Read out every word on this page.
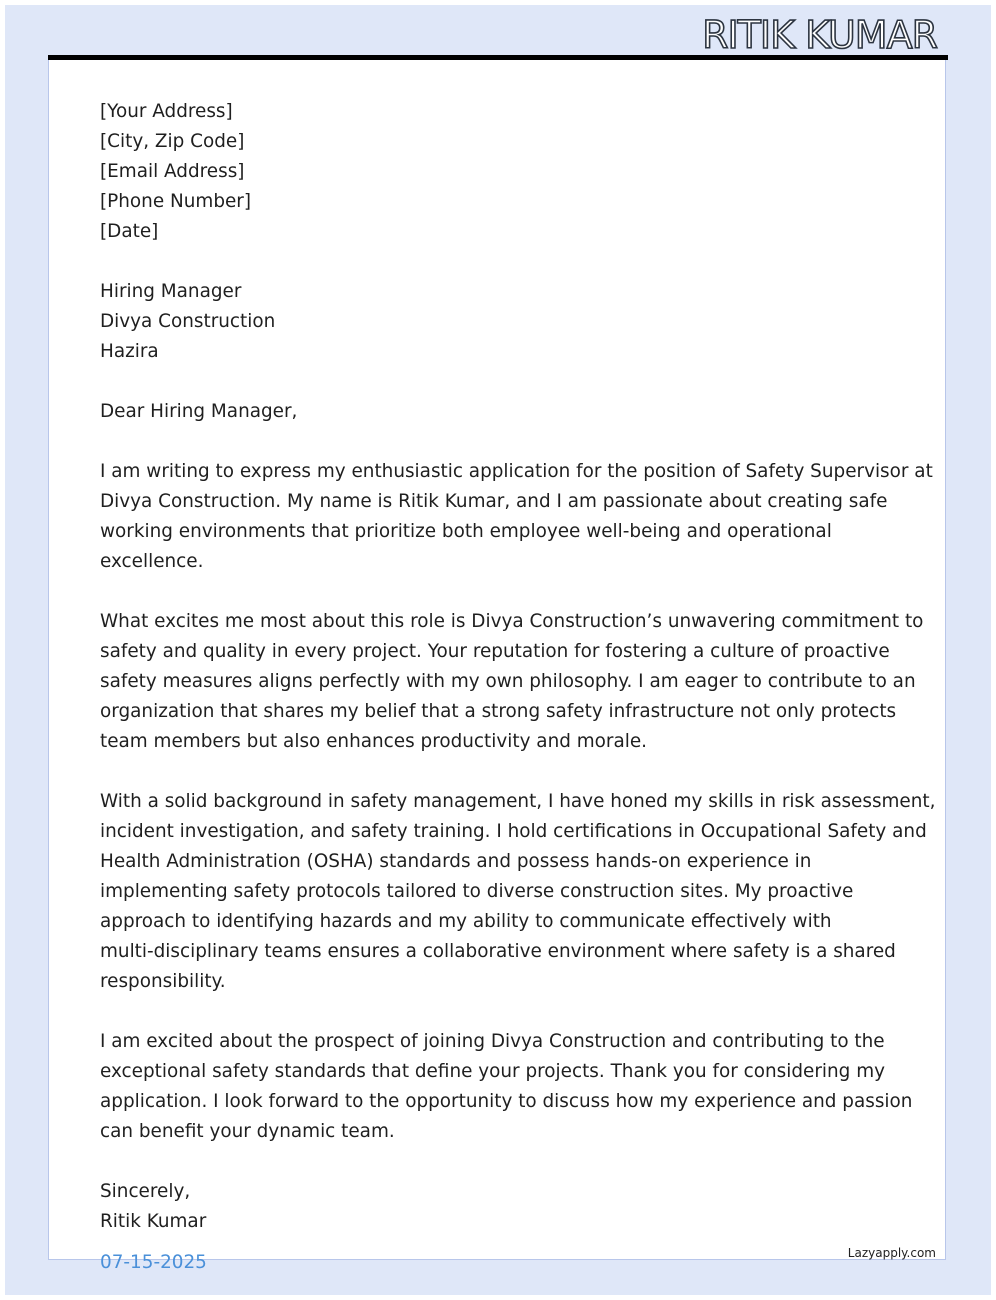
RITIK KUMAR
[Your Address]
[City, Zip Code]
[Email Address]
[Phone Number]
[Date]
Hiring Manager
Divya Construction
Hazira
Dear Hiring Manager,

I am writing to express my enthusiastic application for the position of Safety Supervisor at
Divya Construction. My name is Ritik Kumar, and I am passionate about creating safe
working environments that prioritize both employee well-being and operational
excellence.

What excites me most about this role is Divya Construction’s unwavering commitment to
safety and quality in every project. Your reputation for fostering a culture of proactive
safety measures aligns perfectly with my own philosophy. I am eager to contribute to an
organization that shares my belief that a strong safety infrastructure not only protects
team members but also enhances productivity and morale.

With a solid background in safety management, I have honed my skills in risk assessment,
incident investigation, and safety training. I hold certifications in Occupational Safety and
Health Administration (OSHA) standards and possess hands-on experience in
implementing safety protocols tailored to diverse construction sites. My proactive
approach to identifying hazards and my ability to communicate effectively with
multi-disciplinary teams ensures a collaborative environment where safety is a shared
responsibility.

I am excited about the prospect of joining Divya Construction and contributing to the
exceptional safety standards that define your projects. Thank you for considering my
application. I look forward to the opportunity to discuss how my experience and passion
can benefit your dynamic team.

Sincerely,
Ritik Kumar
07-15-2025	Lazyapply.com
